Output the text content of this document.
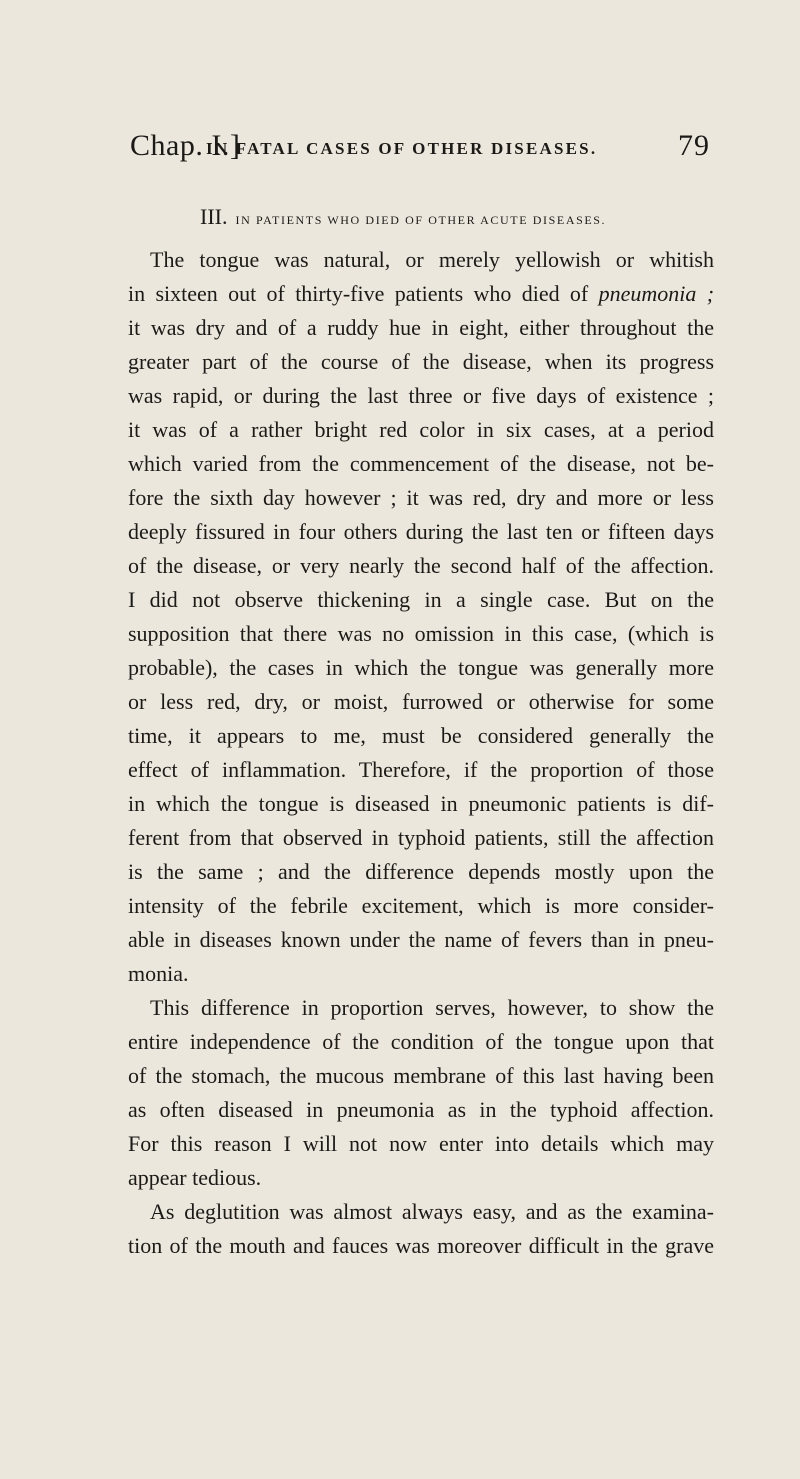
Chap. I.]
IN FATAL CASES OF OTHER DISEASES.	79
III. IN PATIENTS WHO DIED OF OTHER ACUTE DISEASES.
The tongue was natural, or merely yellowish or whitish
in sixteen out of thirty-five patients who died of pneumonia ;
it was dry and of a ruddy hue in eight, either throughout the
greater part of the course of the disease, when its progress
was rapid, or during the last three or five days of existence ;
it was of a rather bright red color in six cases, at a period
which varied from the commencement of the disease, not be-
fore the sixth day however ; it was red, dry and more or less
deeply fissured in four others during the last ten or fifteen days
of the disease, or very nearly the second half of the affection.
I did not observe thickening in a single case. But on the
supposition that there was no omission in this case, (which is
probable), the cases in which the tongue was generally more
or less red, dry, or moist, furrowed or otherwise for some
time, it appears to me, must be considered generally the
effect of inflammation. Therefore, if the proportion of those
in which the tongue is diseased in pneumonic patients is dif-
ferent from that observed in typhoid patients, still the affection
is the same ; and the difference depends mostly upon the
intensity of the febrile excitement, which is more consider-
able in diseases known under the name of fevers than in pneu-
monia.
This difference in proportion serves, however, to show the
entire independence of the condition of the tongue upon that
of the stomach, the mucous membrane of this last having been
as often diseased in pneumonia as in the typhoid affection.
For this reason I will not now enter into details which may
appear tedious.
As deglutition was almost always easy, and as the examina-
tion of the mouth and fauces was moreover difficult in the grave
